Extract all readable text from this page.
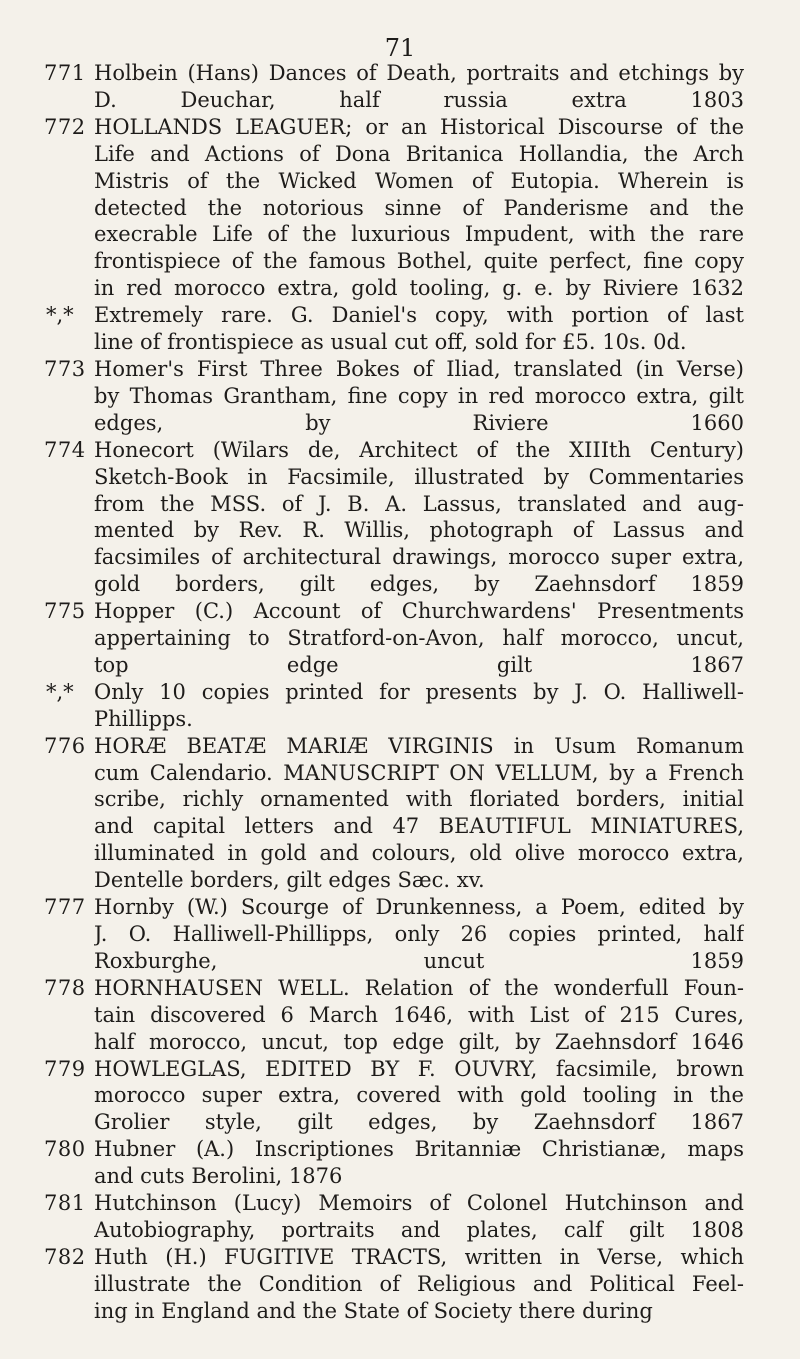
71
771 Holbein (Hans) Dances of Death, portraits and etchings by
D. Deuchar, half russia extra 1803
772 HOLLANDS LEAGUER; or an Historical Discourse of the
Life and Actions of Dona Britanica Hollandia, the Arch
Mistris of the Wicked Women of Eutopia. Wherein is
detected the notorious sinne of Panderisme and the
execrable Life of the luxurious Impudent, with the rare
frontispiece of the famous Bothel, quite perfect, fine copy
in red morocco extra, gold tooling, g. e. by Riviere 1632
*,* Extremely rare. G. Daniel's copy, with portion of last
line of frontispiece as usual cut off, sold for £5. 10s. 0d.
773 Homer's First Three Bokes of Iliad, translated (in Verse)
by Thomas Grantham, fine copy in red morocco extra, gilt
edges, by Riviere 1660
774 Honecort (Wilars de, Architect of the XIIIth Century)
Sketch-Book in Facsimile, illustrated by Commentaries
from the MSS. of J. B. A. Lassus, translated and aug-
mented by Rev. R. Willis, photograph of Lassus and
facsimiles of architectural drawings, morocco super extra,
gold borders, gilt edges, by Zaehnsdorf 1859
775 Hopper (C.) Account of Churchwardens' Presentments
appertaining to Stratford-on-Avon, half morocco, uncut,
top edge gilt 1867
*,* Only 10 copies printed for presents by J. O. Halliwell-
Phillipps.
776 HORÆ BEATÆ MARIÆ VIRGINIS in Usum Romanum
cum Calendario. MANUSCRIPT ON VELLUM, by a French
scribe, richly ornamented with floriated borders, initial
and capital letters and 47 BEAUTIFUL MINIATURES,
illuminated in gold and colours, old olive morocco extra,
Dentelle borders, gilt edges Sæc. xv.
777 Hornby (W.) Scourge of Drunkenness, a Poem, edited by
J. O. Halliwell-Phillipps, only 26 copies printed, half
Roxburghe, uncut 1859
778 HORNHAUSEN WELL. Relation of the wonderfull Foun-
tain discovered 6 March 1646, with List of 215 Cures,
half morocco, uncut, top edge gilt, by Zaehnsdorf 1646
779 HOWLEGLAS, EDITED BY F. OUVRY, facsimile, brown
morocco super extra, covered with gold tooling in the
Grolier style, gilt edges, by Zaehnsdorf 1867
780 Hubner (A.) Inscriptiones Britanniæ Christianæ, maps
and cuts Berolini, 1876
781 Hutchinson (Lucy) Memoirs of Colonel Hutchinson and
Autobiography, portraits and plates, calf gilt 1808
782 Huth (H.) FUGITIVE TRACTS, written in Verse, which
illustrate the Condition of Religious and Political Feel-
ing in England and the State of Society there during
